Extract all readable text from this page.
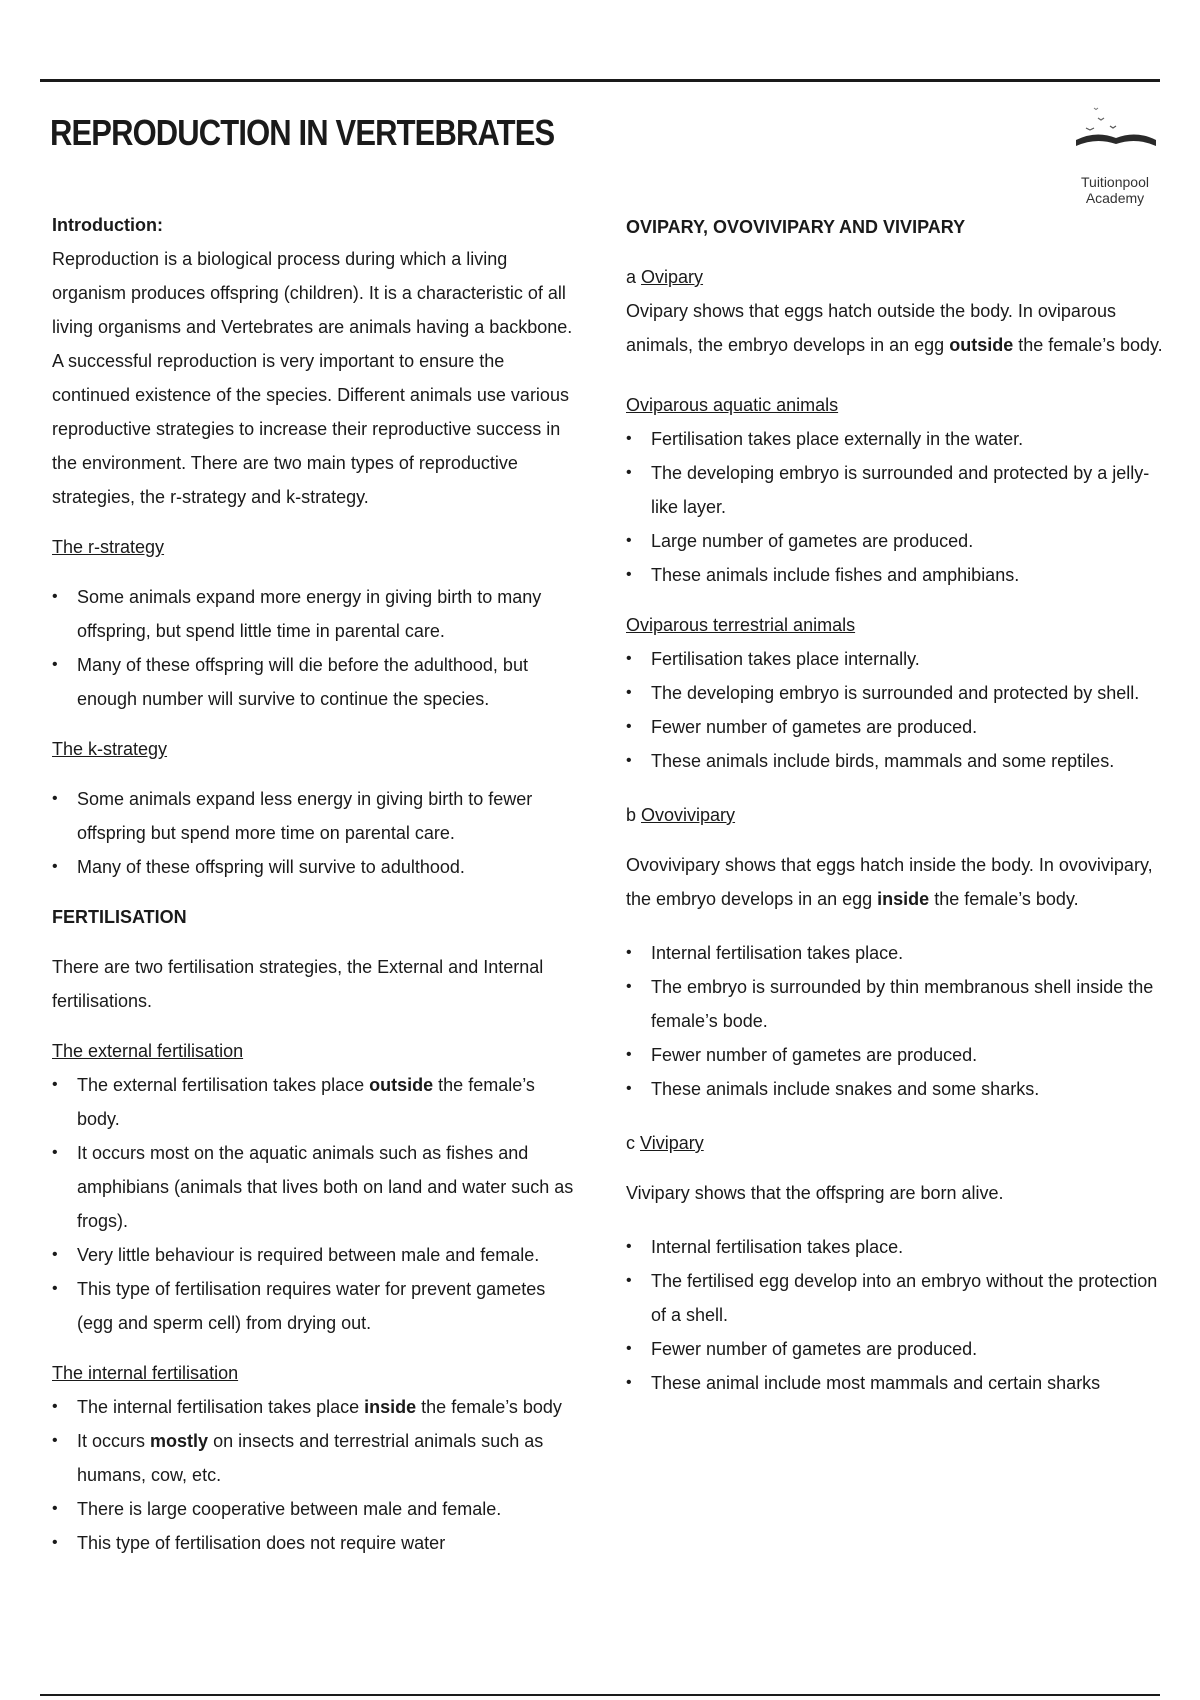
REPRODUCTION IN VERTEBRATES
Tuitionpool
Academy

Introduction:

Reproduction is a biological process during which a living organism produces offspring (children). It is a characteristic of all living organisms and Vertebrates are animals having a backbone. A successful reproduction is very important to ensure the continued existence of the species. Different animals use various reproductive strategies to increase their reproductive success in the environment. There are two main types of reproductive strategies, the r-strategy and k-strategy.

The r-strategy

• Some animals expand more energy in giving birth to many offspring, but spend little time in parental care.
• Many of these offspring will die before the adulthood, but enough number will survive to continue the species.

The k-strategy

• Some animals expand less energy in giving birth to fewer offspring but spend more time on parental care.
• Many of these offspring will survive to adulthood.

FERTILISATION

There are two fertilisation strategies, the External and Internal fertilisations.

The external fertilisation

• The external fertilisation takes place outside the female’s body.
• It occurs most on the aquatic animals such as fishes and amphibians (animals that lives both on land and water such as frogs).
• Very little behaviour is required between male and female.
• This type of fertilisation requires water for prevent gametes (egg and sperm cell) from drying out.

The internal fertilisation

• The internal fertilisation takes place inside the female’s body
• It occurs mostly on insects and terrestrial animals such as humans, cow, etc.
• There is large cooperative between male and female.
• This type of fertilisation does not require water

OVIPARY, OVOVIVIPARY AND VIVIPARY

a Ovipary

Ovipary shows that eggs hatch outside the body. In oviparous animals, the embryo develops in an egg outside the female’s body.

Oviparous aquatic animals

• Fertilisation takes place externally in the water.
• The developing embryo is surrounded and protected by a jelly-like layer.
• Large number of gametes are produced.
• These animals include fishes and amphibians.

Oviparous terrestrial animals

• Fertilisation takes place internally.
• The developing embryo is surrounded and protected by shell.
• Fewer number of gametes are produced.
• These animals include birds, mammals and some reptiles.

b Ovovivipary

Ovovivipary shows that eggs hatch inside the body. In ovovivipary, the embryo develops in an egg inside the female’s body.

• Internal fertilisation takes place.
• The embryo is surrounded by thin membranous shell inside the female’s bode.
• Fewer number of gametes are produced.
• These animals include snakes and some sharks.

c Vivipary

Vivipary shows that the offspring are born alive.

• Internal fertilisation takes place.
• The fertilised egg develop into an embryo without the protection of a shell.
• Fewer number of gametes are produced.
• These animal include most mammals and certain sharks
